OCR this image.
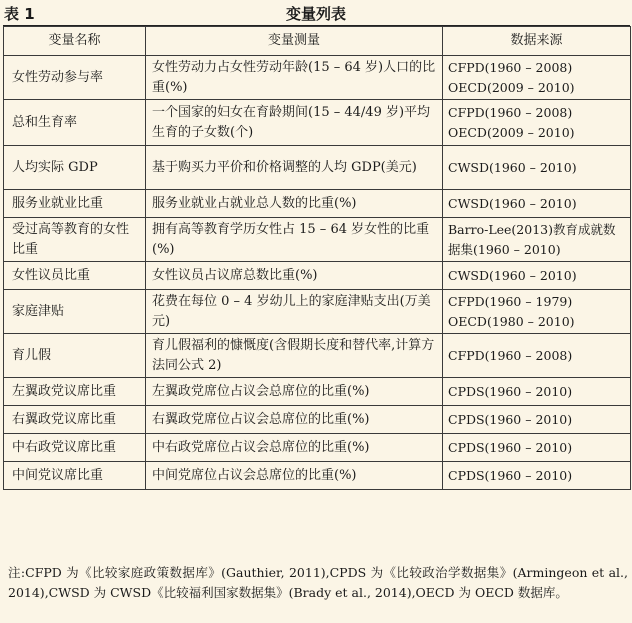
表 1	变量列表
变量名称	变量测量	数据来源
女性劳动参与率	女性劳动力占女性劳动年龄(15 – 64 岁)人口的比重(%)	CFPD(1960 – 2008)
OECD(2009 – 2010)

总和生育率	一个国家的妇女在育龄期间(15 – 44/49 岁)平均生育的子女数(个)	CFPD(1960 – 2008)
OECD(2009 – 2010)

人均实际 GDP	基于购买力平价和价格调整的人均 GDP(美元)	CWSD(1960 – 2010)

服务业就业比重	服务业就业占就业总人数的比重(%)	CWSD(1960 – 2010)

受过高等教育的女性比重	拥有高等教育学历女性占 15 – 64 岁女性的比重(%)	Barro-Lee(2013)教育成就数据集(1960 – 2010)

女性议员比重	女性议员占议席总数比重(%)	CWSD(1960 – 2010)

家庭津贴	花费在每位 0 – 4 岁幼儿上的家庭津贴支出(万美元)	CFPD(1960 – 1979)
OECD(1980 – 2010)

育儿假	育儿假福利的慷慨度(含假期长度和替代率,计算方法同公式 2)	CFPD(1960 – 2008)

左翼政党议席比重	左翼政党席位占议会总席位的比重(%)	CPDS(1960 – 2010)

右翼政党议席比重	右翼政党席位占议会总席位的比重(%)	CPDS(1960 – 2010)

中右政党议席比重	中右政党席位占议会总席位的比重(%)	CPDS(1960 – 2010)

中间党议席比重	中间党席位占议会总席位的比重(%)	CPDS(1960 – 2010)
注:CFPD 为《比较家庭政策数据库》(Gauthier, 2011),CPDS 为《比较政治学数据集》(Armingeon et al., 2014),CWSD 为 CWSD《比较福利国家数据集》(Brady et al., 2014),OECD 为 OECD 数据库。
